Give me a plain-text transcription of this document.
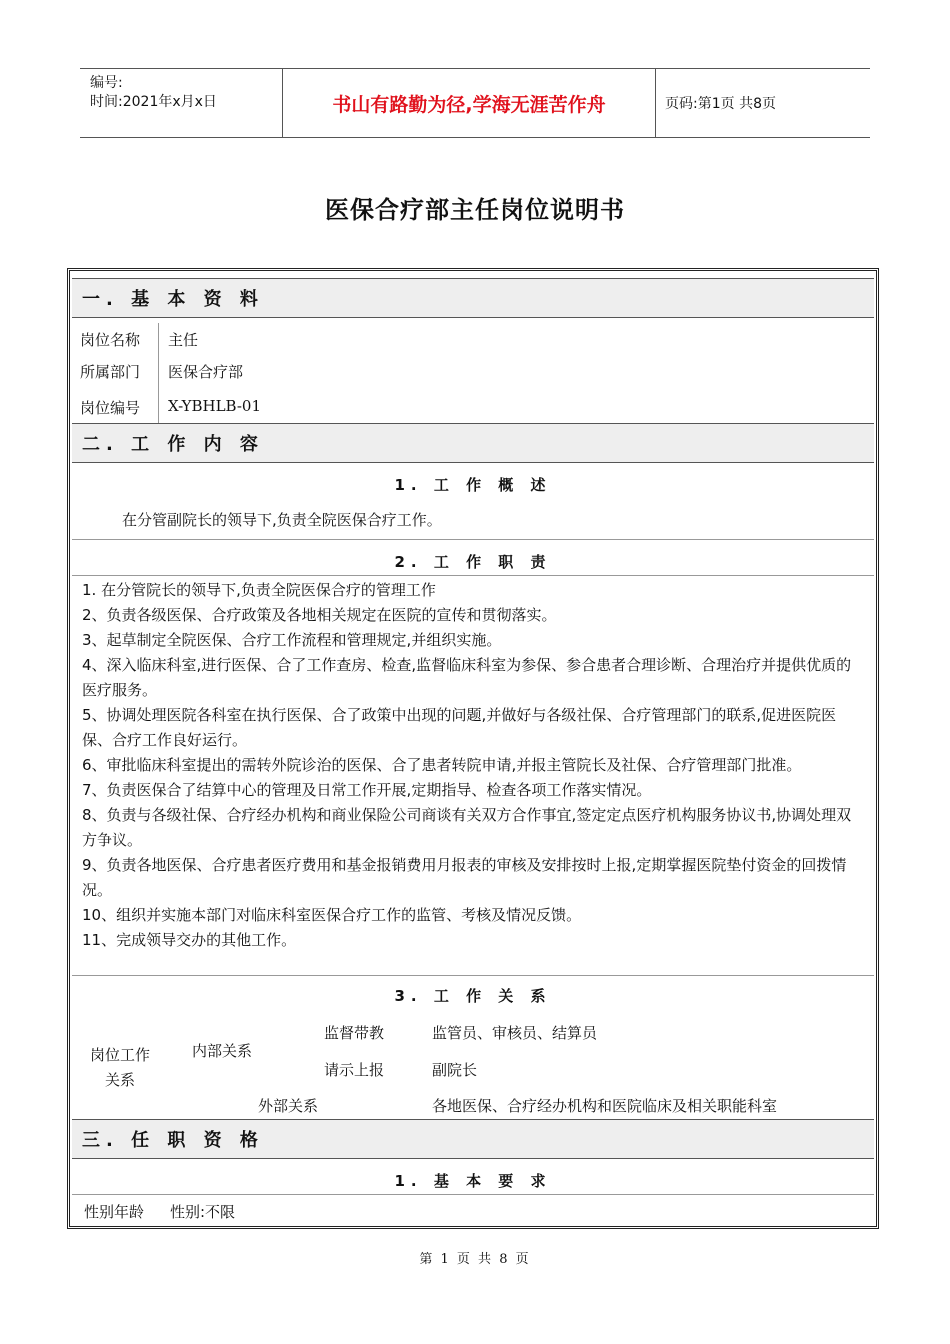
编号:
时间:2021年x月x日	书山有路勤为径,学海无涯苦作舟	页码:第1页 共8页
医保合疗部主任岗位说明书
一. 基 本 资 料
岗位名称 主任
所属部门 医保合疗部
岗位编号 X-YBHLB-01
二. 工 作 内 容
1. 工 作 概 述
在分管副院长的领导下,负责全院医保合疗工作。
2. 工 作 职 责
1. 在分管院长的领导下,负责全院医保合疗的管理工作
2、负责各级医保、合疗政策及各地相关规定在医院的宣传和贯彻落实。
3、起草制定全院医保、合疗工作流程和管理规定,并组织实施。
4、深入临床科室,进行医保、合了工作查房、检查,监督临床科室为参保、参合患者合理诊断、合理治疗并提供优质的医疗服务。
5、协调处理医院各科室在执行医保、合了政策中出现的问题,并做好与各级社保、合疗管理部门的联系,促进医院医保、合疗工作良好运行。
6、审批临床科室提出的需转外院诊治的医保、合了患者转院申请,并报主管院长及社保、合疗管理部门批准。
7、负责医保合了结算中心的管理及日常工作开展,定期指导、检查各项工作落实情况。
8、负责与各级社保、合疗经办机构和商业保险公司商谈有关双方合作事宜,签定定点医疗机构服务协议书,协调处理双方争议。
9、负责各地医保、合疗患者医疗费用和基金报销费用月报表的审核及安排按时上报,定期掌握医院垫付资金的回拨情况。
10、组织并实施本部门对临床科室医保合疗工作的监管、考核及情况反馈。
11、完成领导交办的其他工作。
3. 工 作 关 系
岗位工作关系
内部关系
监督带教	监管员、审核员、结算员
请示上报	副院长
外部关系	各地医保、合疗经办机构和医院临床及相关职能科室
三. 任 职 资 格
1. 基 本 要 求
性别年龄 性别:不限
第 1 页 共 8 页
